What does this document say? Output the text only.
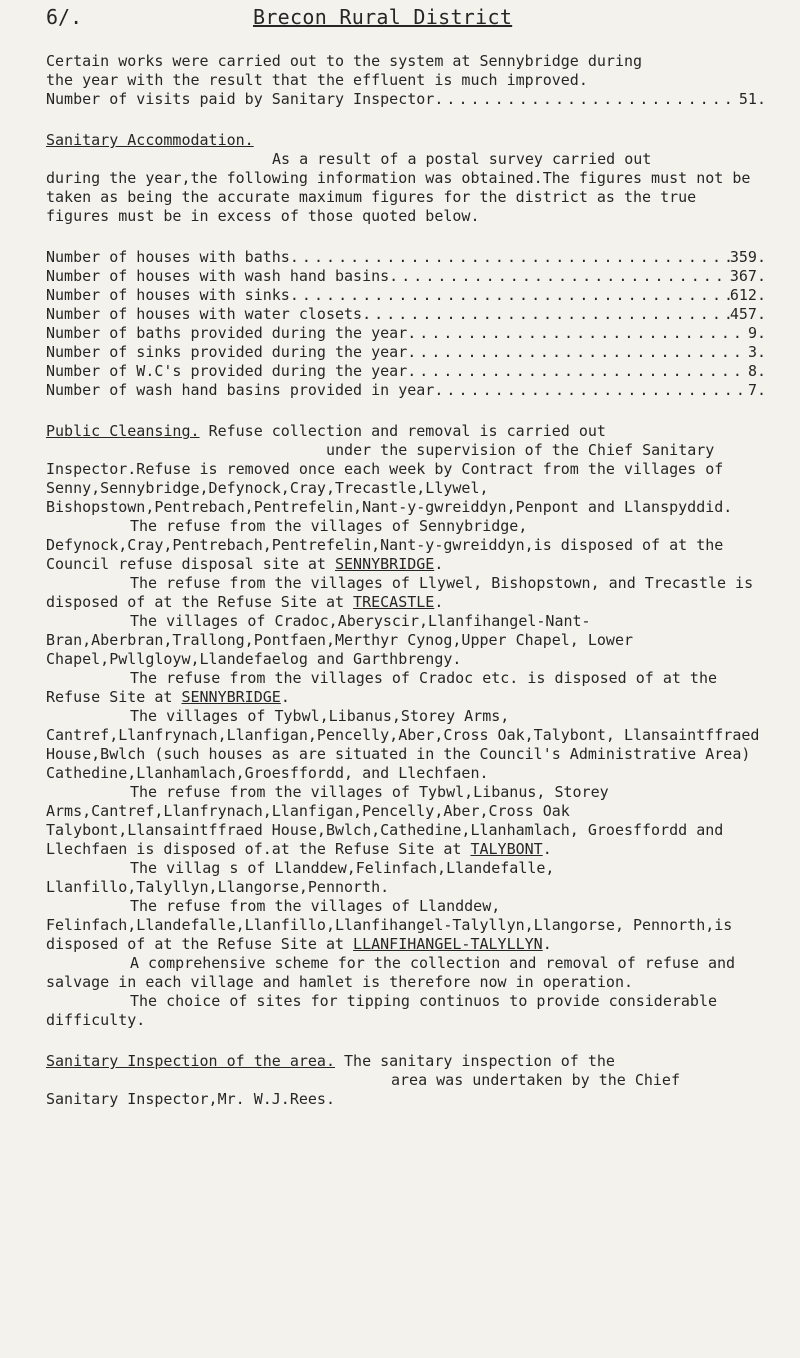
6/.	Brecon Rural District

Certain works were carried out to the system at Sennybridge during

the year with the result that the effluent is much improved.

Number of visits paid by Sanitary Inspector . . .	51.

Sanitary Accommodation.

As a result of a postal survey carried out

during the year,the following information was obtained.The figures must not be taken as being the accurate maximum figures for the district as the true figures must be in excess of those quoted below.

Number of houses with baths . . .	359.
Number of houses with wash hand basins . . .	367.
Number of houses with sinks . . .	612.
Number of houses with water closets . . .	457.
Number of baths provided during the year . . .	9.
Number of sinks provided during the year . . .	3.
Number of W.C's provided during the year . . .	8.
Number of wash hand basins provided in year . . .	7.

Public Cleansing. Refuse collection and removal is carried out

under the supervision of the Chief Sanitary

Inspector.Refuse is removed once each week by Contract from the villages of Senny,Sennybridge,Defynock,Cray,Trecastle,Llywel, Bishopstown,Pentrebach,Pentrefelin,Nant-y-gwreiddyn,Penpont and Llanspyddid.

The refuse from the villages of Sennybridge, Defynock,Cray,Pentrebach,Pentrefelin,Nant-y-gwreiddyn,is disposed of at the Council refuse disposal site at SENNYBRIDGE.

The refuse from the villages of Llywel, Bishopstown, and Trecastle is disposed of at the Refuse Site at TRECASTLE.

The villages of Cradoc,Aberyscir,Llanfihangel-Nant-Bran,Aberbran,Trallong,Pontfaen,Merthyr Cynog,Upper Chapel, Lower Chapel,Pwllgloyw,Llandefaelog and Garthbrengy.

The refuse from the villages of Cradoc etc. is disposed of at the Refuse Site at SENNYBRIDGE.

The villages of Tybwl,Libanus,Storey Arms, Cantref,Llanfrynach,Llanfigan,Pencelly,Aber,Cross Oak,Talybont, Llansaintffraed House,Bwlch (such houses as are situated in the Council's Administrative Area) Cathedine,Llanhamlach,Groesffordd, and Llechfaen.

The refuse from the villages of Tybwl,Libanus, Storey Arms,Cantref,Llanfrynach,Llanfigan,Pencelly,Aber,Cross Oak Talybont,Llansaintffraed House,Bwlch,Cathedine,Llanhamlach, Groesffordd and Llechfaen is disposed of.at the Refuse Site at TALYBONT.

The villag s of Llanddew,Felinfach,Llandefalle, Llanfillo,Talyllyn,Llangorse,Pennorth.

The refuse from the villages of Llanddew, Felinfach,Llandefalle,Llanfillo,Llanfihangel-Talyllyn,Llangorse, Pennorth,is disposed of at the Refuse Site at LLANFIHANGEL-TALYLLYN.

A comprehensive scheme for the collection and removal of refuse and salvage in each village and hamlet is therefore now in operation.

The choice of sites for tipping continuos to provide considerable difficulty.

Sanitary Inspection of the area. The sanitary inspection of the

area was undertaken by the Chief

Sanitary Inspector,Mr. W.J.Rees.
